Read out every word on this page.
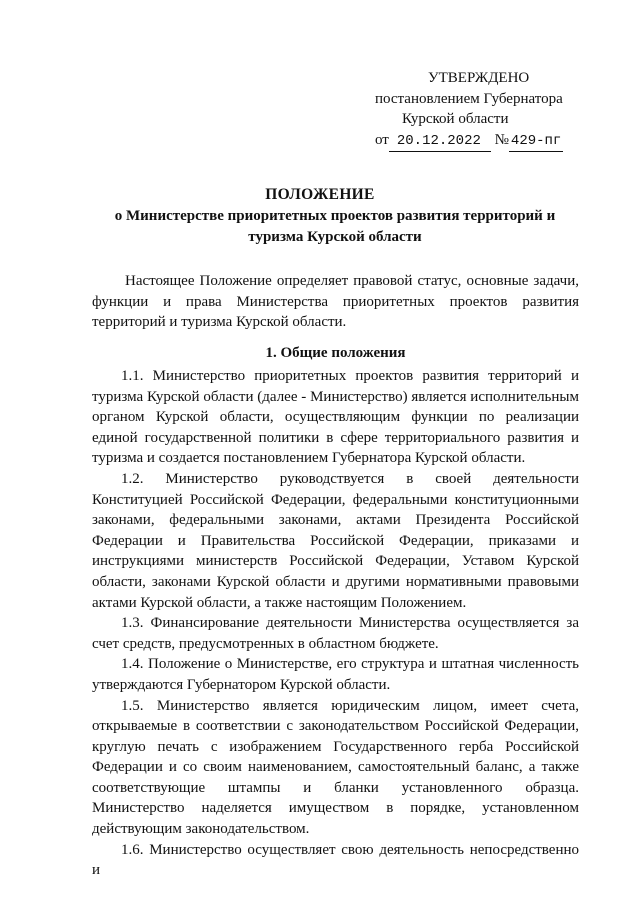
УТВЕРЖДЕНО
постановлением Губернатора
Курской области
от 20.12.2022 № 429-пг
ПОЛОЖЕНИЕ
о Министерстве приоритетных проектов развития территорий и туризма Курской области
Настоящее Положение определяет правовой статус, основные задачи, функции и права Министерства приоритетных проектов развития территорий и туризма Курской области.
1. Общие положения

1.1. Министерство приоритетных проектов развития территорий и туризма Курской области (далее - Министерство) является исполнительным органом Курской области, осуществляющим функции по реализации единой государственной политики в сфере территориального развития и туризма и создается постановлением Губернатора Курской области.

1.2. Министерство руководствуется в своей деятельности Конституцией Российской Федерации, федеральными конституционными законами, федеральными законами, актами Президента Российской Федерации и Правительства Российской Федерации, приказами и инструкциями министерств Российской Федерации, Уставом Курской области, законами Курской области и другими нормативными правовыми актами Курской области, а также настоящим Положением.

1.3. Финансирование деятельности Министерства осуществляется за счет средств, предусмотренных в областном бюджете.

1.4. Положение о Министерстве, его структура и штатная численность утверждаются Губернатором Курской области.

1.5. Министерство является юридическим лицом, имеет счета, открываемые в соответствии с законодательством Российской Федерации, круглую печать с изображением Государственного герба Российской Федерации и со своим наименованием, самостоятельный баланс, а также соответствующие штампы и бланки установленного образца. Министерство наделяется имуществом в порядке, установленном действующим законодательством.

1.6. Министерство осуществляет свою деятельность непосредственно и
